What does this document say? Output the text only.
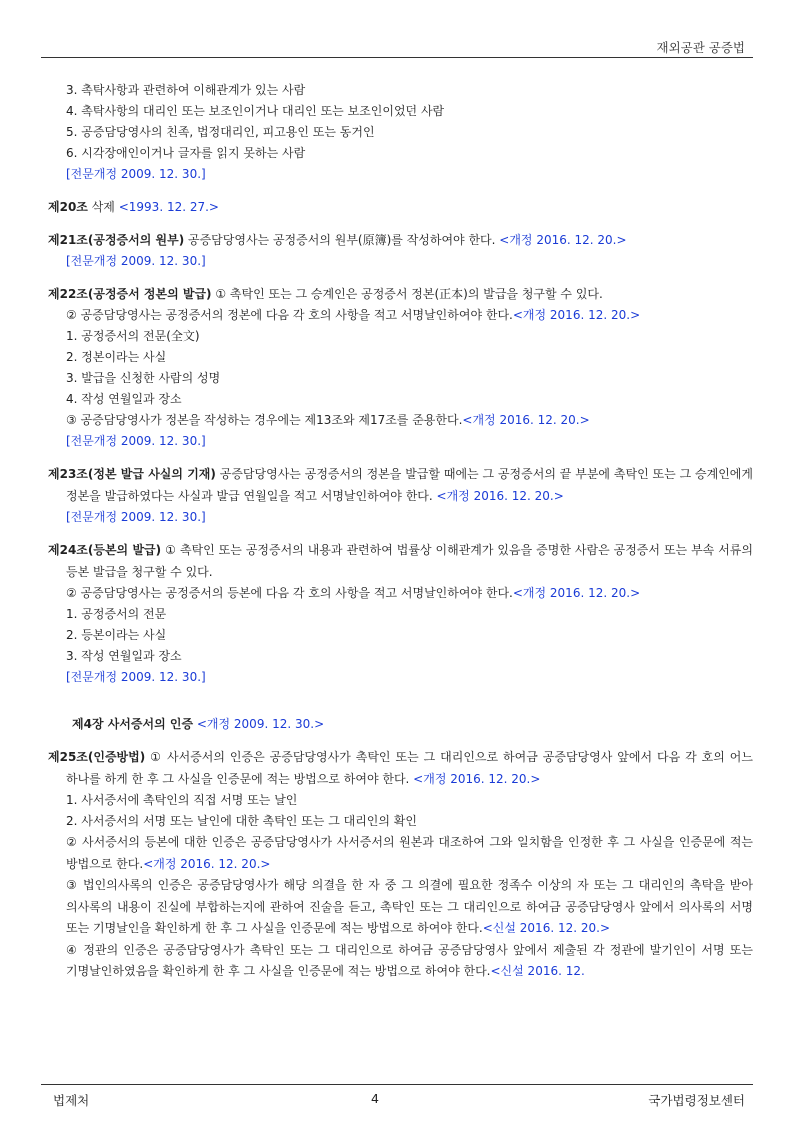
재외공관 공증법
3. 촉탁사항과 관련하여 이해관계가 있는 사람
4. 촉탁사항의 대리인 또는 보조인이거나 대리인 또는 보조인이었던 사람
5. 공증담당영사의 친족, 법정대리인, 피고용인 또는 동거인
6. 시각장애인이거나 글자를 읽지 못하는 사람
[전문개정 2009. 12. 30.]
제20조 삭제 <1993. 12. 27.>
제21조(공정증서의 원부) 공증담당영사는 공정증서의 원부(原簿)를 작성하여야 한다. <개정 2016. 12. 20.>
[전문개정 2009. 12. 30.]
제22조(공정증서 정본의 발급) ① 촉탁인 또는 그 승계인은 공정증서 정본(正本)의 발급을 청구할 수 있다.
② 공증담당영사는 공정증서의 정본에 다음 각 호의 사항을 적고 서명날인하여야 한다.<개정 2016. 12. 20.>
1. 공정증서의 전문(全文)
2. 정본이라는 사실
3. 발급을 신청한 사람의 성명
4. 작성 연월일과 장소
③ 공증담당영사가 정본을 작성하는 경우에는 제13조와 제17조를 준용한다.<개정 2016. 12. 20.>
[전문개정 2009. 12. 30.]
제23조(정본 발급 사실의 기재) 공증담당영사는 공정증서의 정본을 발급할 때에는 그 공정증서의 끝 부분에 촉탁인 또는 그 승계인에게 정본을 발급하였다는 사실과 발급 연월일을 적고 서명날인하여야 한다. <개정 2016. 12. 20.>
[전문개정 2009. 12. 30.]
제24조(등본의 발급) ① 촉탁인 또는 공정증서의 내용과 관련하여 법률상 이해관계가 있음을 증명한 사람은 공정증서 또는 부속 서류의 등본 발급을 청구할 수 있다.
② 공증담당영사는 공정증서의 등본에 다음 각 호의 사항을 적고 서명날인하여야 한다.<개정 2016. 12. 20.>
1. 공정증서의 전문
2. 등본이라는 사실
3. 작성 연월일과 장소
[전문개정 2009. 12. 30.]
제4장 사서증서의 인증 <개정 2009. 12. 30.>
제25조(인증방법) ① 사서증서의 인증은 공증담당영사가 촉탁인 또는 그 대리인으로 하여금 공증담당영사 앞에서 다음 각 호의 어느 하나를 하게 한 후 그 사실을 인증문에 적는 방법으로 하여야 한다. <개정 2016. 12. 20.>
1. 사서증서에 촉탁인의 직접 서명 또는 날인
2. 사서증서의 서명 또는 날인에 대한 촉탁인 또는 그 대리인의 확인
② 사서증서의 등본에 대한 인증은 공증담당영사가 사서증서의 원본과 대조하여 그와 일치함을 인정한 후 그 사실을 인증문에 적는 방법으로 한다.<개정 2016. 12. 20.>
③ 법인의사록의 인증은 공증담당영사가 해당 의결을 한 자 중 그 의결에 필요한 정족수 이상의 자 또는 그 대리인의 촉탁을 받아 의사록의 내용이 진실에 부합하는지에 관하여 진술을 듣고, 촉탁인 또는 그 대리인으로 하여금 공증담당영사 앞에서 의사록의 서명 또는 기명날인을 확인하게 한 후 그 사실을 인증문에 적는 방법으로 하여야 한다.<신설 2016. 12. 20.>
④ 정관의 인증은 공증담당영사가 촉탁인 또는 그 대리인으로 하여금 공증담당영사 앞에서 제출된 각 정관에 발기인이 서명 또는 기명날인하였음을 확인하게 한 후 그 사실을 인증문에 적는 방법으로 하여야 한다.<신설 2016. 12.
법제처	4	국가법령정보센터
